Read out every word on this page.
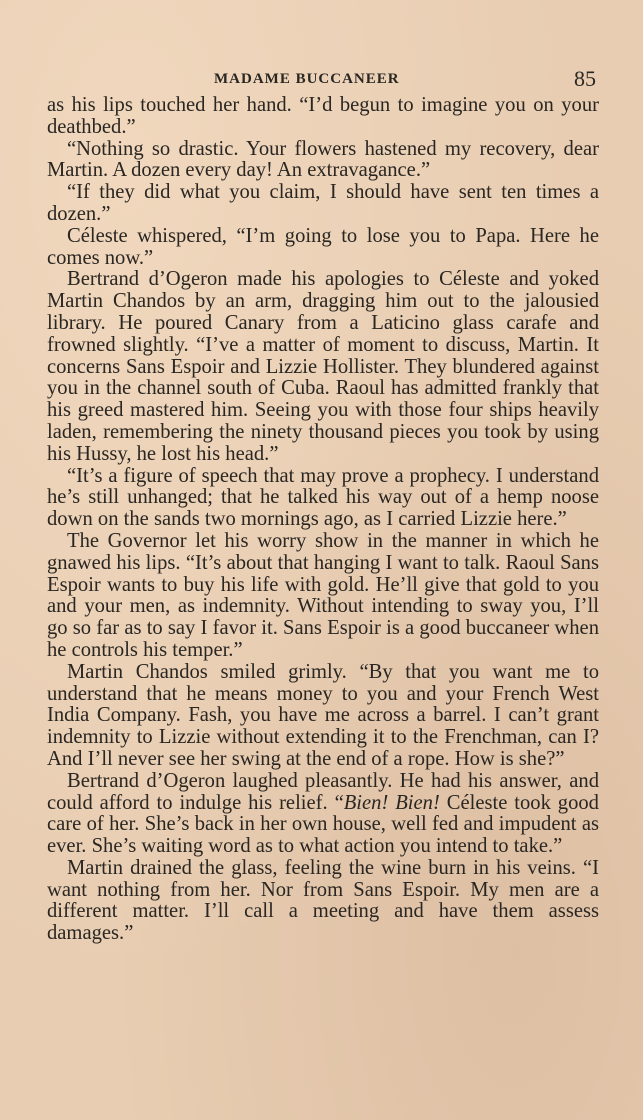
MADAME BUCCANEER	85

as his lips touched her hand. “I’d begun to imagine you on your deathbed.”

“Nothing so drastic. Your flowers hastened my recovery, dear Martin. A dozen every day! An extravagance.”

“If they did what you claim, I should have sent ten times a dozen.”

Céleste whispered, “I’m going to lose you to Papa. Here he comes now.”

Bertrand d’Ogeron made his apologies to Céleste and yoked Martin Chandos by an arm, dragging him out to the jalousied library. He poured Canary from a Laticino glass carafe and frowned slightly. “I’ve a matter of moment to discuss, Martin. It concerns Sans Espoir and Lizzie Hollister. They blundered against you in the channel south of Cuba. Raoul has admitted frankly that his greed mastered him. Seeing you with those four ships heavily laden, remembering the ninety thousand pieces you took by using his Hussy, he lost his head.”

“It’s a figure of speech that may prove a prophecy. I understand he’s still unhanged; that he talked his way out of a hemp noose down on the sands two mornings ago, as I carried Lizzie here.”

The Governor let his worry show in the manner in which he gnawed his lips. “It’s about that hanging I want to talk. Raoul Sans Espoir wants to buy his life with gold. He’ll give that gold to you and your men, as indemnity. Without intending to sway you, I’ll go so far as to say I favor it. Sans Espoir is a good buccaneer when he controls his temper.”

Martin Chandos smiled grimly. “By that you want me to understand that he means money to you and your French West India Company. Fash, you have me across a barrel. I can’t grant indemnity to Lizzie without extending it to the Frenchman, can I? And I’ll never see her swing at the end of a rope. How is she?”

Bertrand d’Ogeron laughed pleasantly. He had his answer, and could afford to indulge his relief. “Bien! Bien! Céleste took good care of her. She’s back in her own house, well fed and impudent as ever. She’s waiting word as to what action you intend to take.”

Martin drained the glass, feeling the wine burn in his veins. “I want nothing from her. Nor from Sans Espoir. My men are a different matter. I’ll call a meeting and have them assess damages.”
